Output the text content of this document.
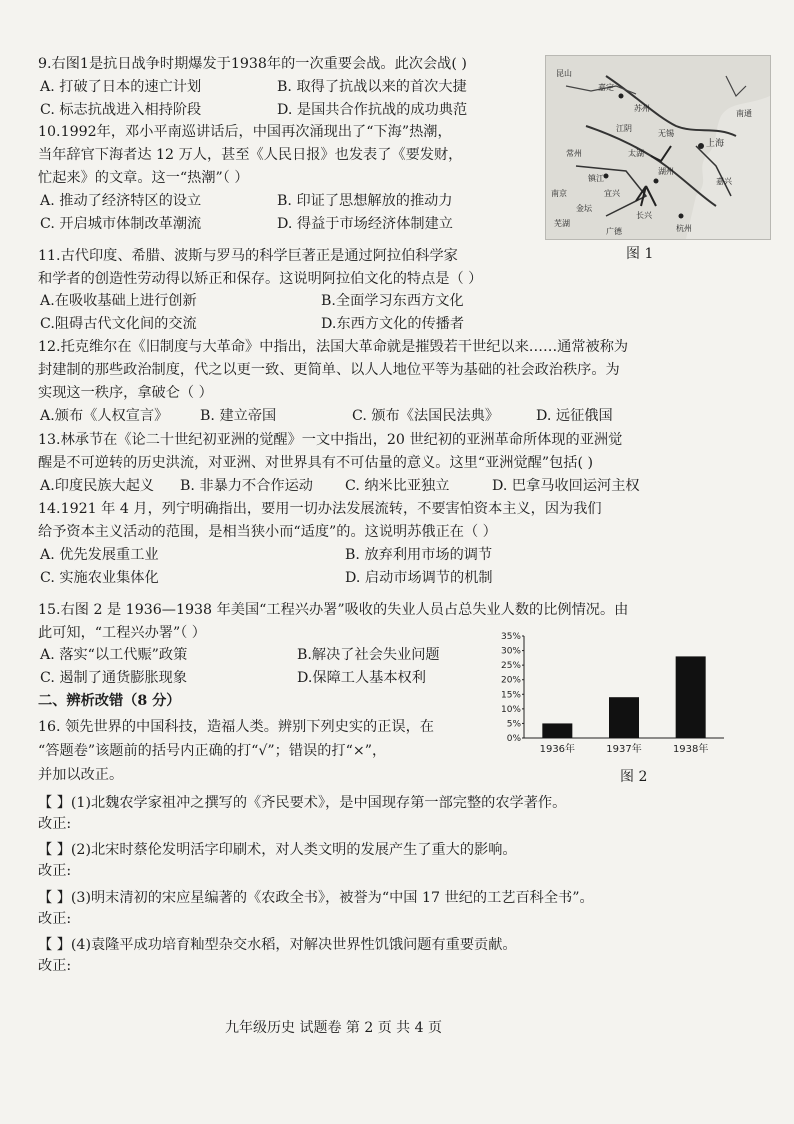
9.右图1是抗日战争时期爆发于1938年的一次重要会战。此次会战( )
A. 打破了日本的速亡计划	B. 取得了抗战以来的首次大捷
C. 标志抗战进入相持阶段	D. 是国共合作抗战的成功典范
10.1992年，邓小平南巡讲话后，中国再次涌现出了“下海”热潮，
当年辞官下海者达 12 万人，甚至《人民日报》也发表了《要发财，
忙起来》的文章。这一“热潮”（ ）
A. 推动了经济特区的设立	B. 印证了思想解放的推动力
C. 开启城市体制改革潮流	D. 得益于市场经济体制建立
昆山
嘉定
上海
苏州
江阴
无锡
常州
南通
镇江
南京
芜湖
杭州
嘉兴
湖州
太湖
宜兴
长兴
广德
金坛
图 1
11.古代印度、希腊、波斯与罗马的科学巨著正是通过阿拉伯科学家
和学者的创造性劳动得以矫正和保存。这说明阿拉伯文化的特点是（ ）
A.在吸收基础上进行创新	B.全面学习东西方文化
C.阻碍古代文化间的交流	D.东西方文化的传播者
12.托克维尔在《旧制度与大革命》中指出，法国大革命就是摧毁若干世纪以来……通常被称为
封建制的那些政治制度，代之以更一致、更简单、以人人地位平等为基础的社会政治秩序。为
实现这一秩序，拿破仑（ ）
A.颁布《人权宣言》 B. 建立帝国	C. 颁布《法国民法典》	D. 远征俄国
13.林承节在《论二十世纪初亚洲的觉醒》一文中指出，20 世纪初的亚洲革命所体现的亚洲觉
醒是不可逆转的历史洪流，对亚洲、对世界具有不可估量的意义。这里“亚洲觉醒”包括( )
A.印度民族大起义 B. 非暴力不合作运动 C. 纳米比亚独立	D. 巴拿马收回运河主权
14.1921 年 4 月，列宁明确指出，要用一切办法发展流转，不要害怕资本主义，因为我们
给予资本主义活动的范围，是相当狭小而“适度”的。这说明苏俄正在（ ）
A. 优先发展重工业	B. 放弃利用市场的调节
C. 实施农业集体化	D. 启动市场调节的机制
15.右图 2 是 1936—1938 年美国“工程兴办署”吸收的失业人员占总失业人数的比例情况。由
此可知，“工程兴办署”（ ）
A. 落实“以工代赈”政策	B.解决了社会失业问题
C. 遏制了通货膨胀现象	D.保障工人基本权利
0%
5%
10%
15%
20%
25%
30%
35%
1936年	1937年	1938年
图 2
二、辨析改错（8 分）
16. 领先世界的中国科技，造福人类。辨别下列史实的正误，在
“答题卷”该题前的括号内正确的打“√”；错误的打“×”，
并加以改正。
【 】(1)北魏农学家祖冲之撰写的《齐民要术》，是中国现存第一部完整的农学著作。
改正:
【 】(2)北宋时蔡伦发明活字印刷术，对人类文明的发展产生了重大的影响。
改正:
【 】(3)明末清初的宋应星编著的《农政全书》，被誉为“中国 17 世纪的工艺百科全书”。
改正:
【 】(4)袁隆平成功培育籼型杂交水稻，对解决世界性饥饿问题有重要贡献。
改正:
九年级历史 试题卷 第 2 页 共 4 页
